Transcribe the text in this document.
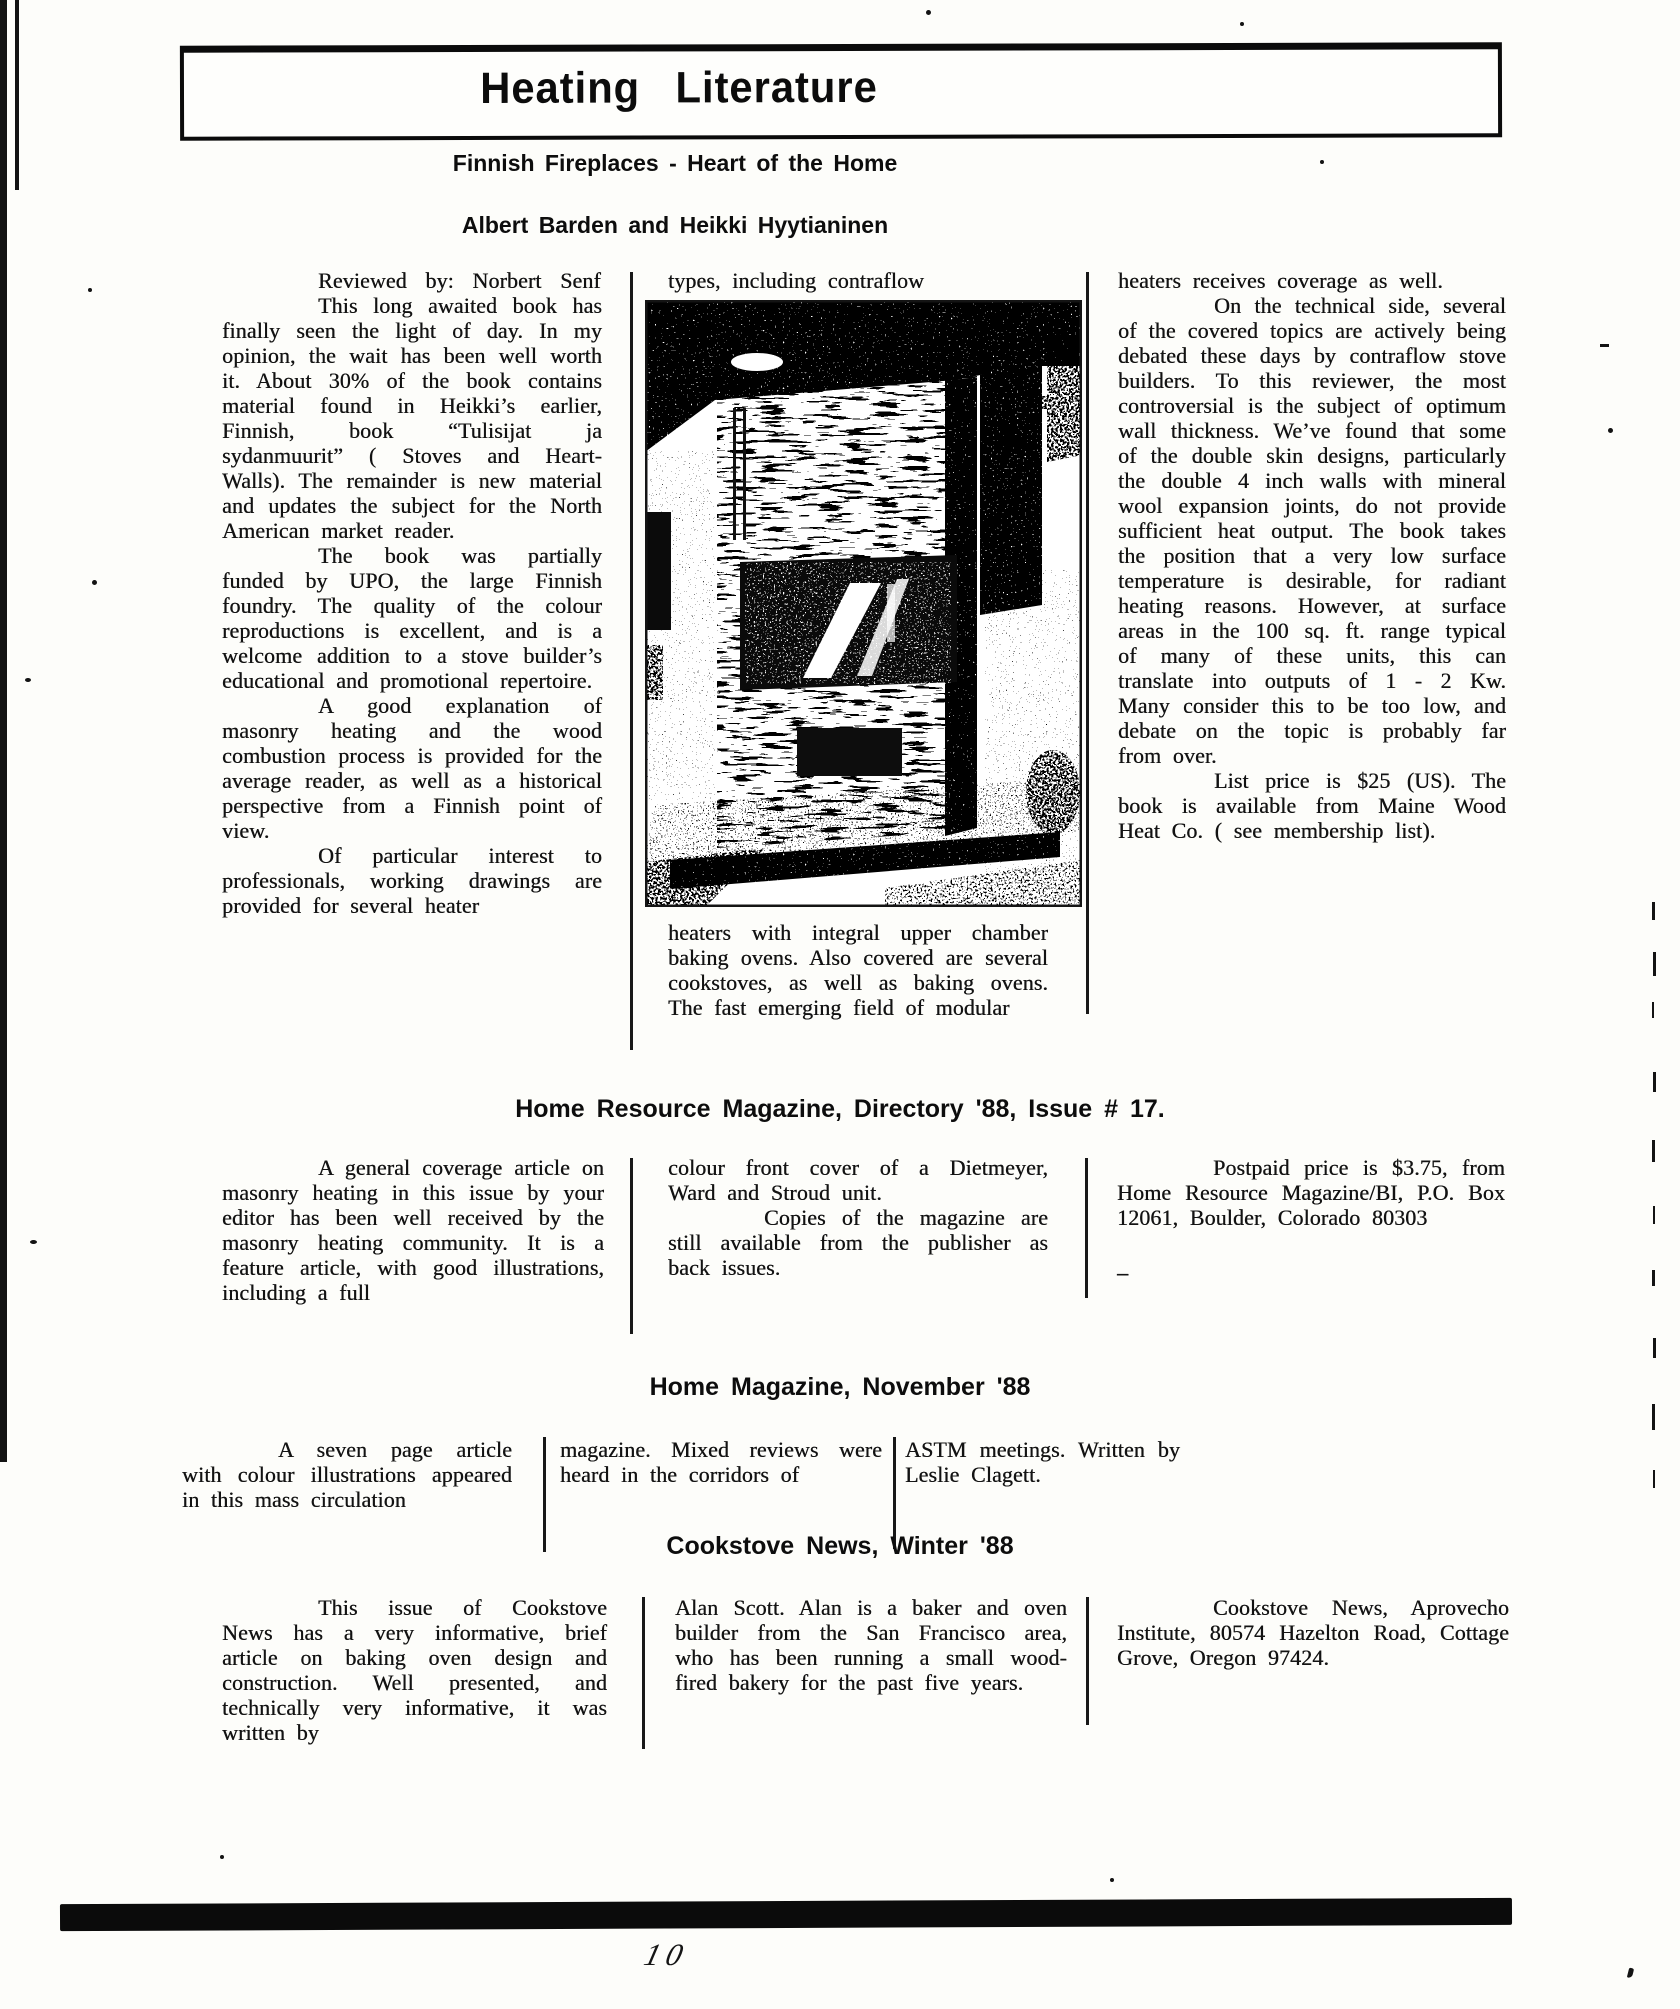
Heating Literature
Finnish Fireplaces - Heart of the Home
Albert Barden and Heikki Hyytianinen

Reviewed by: Norbert Senf

This long awaited book has finally seen the light of day. In my opinion, the wait has been well worth it. About 30% of the book contains material found in Heikki’s earlier, Finnish, book “Tulisijat ja sydanmuurit” ( Stoves and Heart-Walls). The remainder is new material and updates the subject for the North American market reader.

The book was partially funded by UPO, the large Finnish foundry. The quality of the colour reproductions is excellent, and is a welcome addition to a stove builder’s educational and promotional repertoire.

A good explanation of masonry heating and the wood combustion process is provided for the average reader, as well as a historical perspective from a Finnish point of view.

Of particular interest to professionals, working drawings are provided for several heater

types, including contraflow

heaters with integral upper chamber baking ovens. Also covered are several cookstoves, as well as baking ovens. The fast emerging field of modular

heaters receives coverage as well.

On the technical side, several of the covered topics are actively being debated these days by contraflow stove builders. To this reviewer, the most controversial is the subject of optimum wall thickness. We’ve found that some of the double skin designs, particularly the double 4 inch walls with mineral wool expansion joints, do not provide sufficient heat output. The book takes the position that a very low surface temperature is desirable, for radiant heating reasons. However, at surface areas in the 100 sq. ft. range typical of many of these units, this can translate into outputs of 1 - 2 Kw. Many consider this to be too low, and debate on the topic is probably far from over.

List price is $25 (US). The book is available from Maine Wood Heat Co. ( see membership list).

Home Resource Magazine, Directory '88, Issue # 17.

A general coverage article on masonry heating in this issue by your editor has been well received by the masonry heating community. It is a feature article, with good illustrations, including a full

colour front cover of a Dietmeyer, Ward and Stroud unit.

Copies of the magazine are still available from the publisher as back issues.

Postpaid price is $3.75, from Home Resource Magazine/BI, P.O. Box 12061, Boulder, Colorado 80303

–

Home Magazine, November '88

A seven page article with colour illustrations appeared in this mass circulation

magazine. Mixed reviews were heard in the corridors of

ASTM meetings. Written by Leslie Clagett.

Cookstove News, Winter '88

This issue of Cookstove News has a very informative, brief article on baking oven design and construction. Well presented, and technically very informative, it was written by

Alan Scott. Alan is a baker and oven builder from the San Francisco area, who has been running a small wood- fired bakery for the past five years.

Cookstove News, Aprovecho Institute, 80574 Hazelton Road, Cottage Grove, Oregon 97424.

10
